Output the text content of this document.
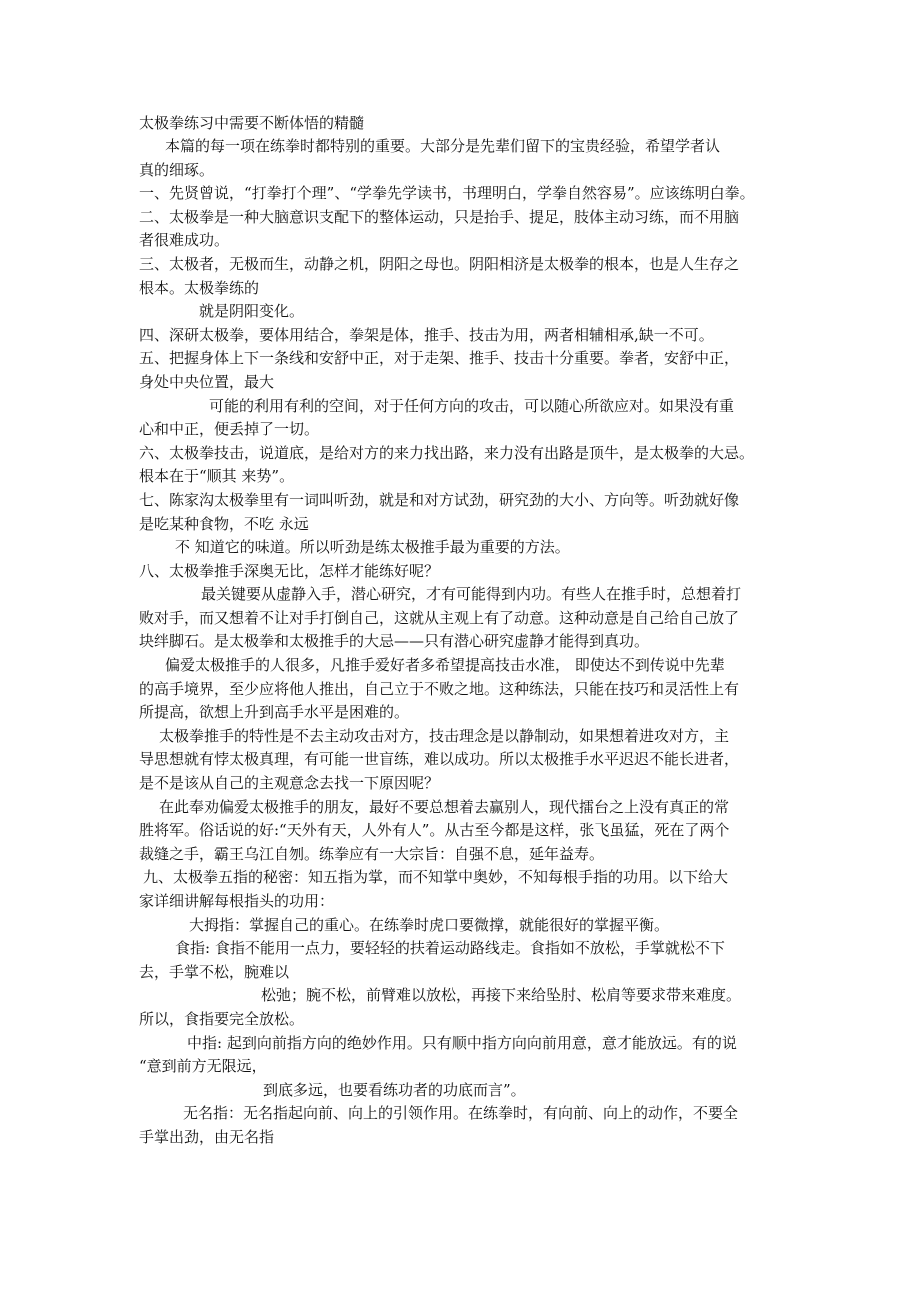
太极拳练习中需要不断体悟的精髓

本篇的每一项在练拳时都特别的重要。大部分是先辈们留下的宝贵经验，希望学者认

真的细琢。

一、先贤曾说，“打拳打个理”、“学拳先学读书，书理明白，学拳自然容易”。应该练明白拳。

二、太极拳是一种大脑意识支配下的整体运动，只是抬手、提足，肢体主动习练，而不用脑

者很难成功。

三、太极者，无极而生，动静之机，阴阳之母也。阴阳相济是太极拳的根本，也是人生存之

根本。太极拳练的

就是阴阳变化。

四、深研太极拳，要体用结合，拳架是体，推手、技击为用，两者相辅相承,缺一不可。

五、把握身体上下一条线和安舒中正，对于走架、推手、技击十分重要。拳者，安舒中正，

身处中央位置，最大

可能的利用有利的空间，对于任何方向的攻击，可以随心所欲应对。如果没有重

心和中正，便丢掉了一切。

六、太极拳技击，说道底，是给对方的来力找出路，来力没有出路是顶牛，是太极拳的大忌。

根本在于“顺其 来势”。

七、陈家沟太极拳里有一词叫听劲，就是和对方试劲，研究劲的大小、方向等。听劲就好像

是吃某种食物，不吃 永远

不 知道它的味道。所以听劲是练太极推手最为重要的方法。

八、太极拳推手深奥无比，怎样才能练好呢？

最关键要从虚静入手，潜心研究，才有可能得到内功。有些人在推手时，总想着打

败对手，而又想着不让对手打倒自己，这就从主观上有了动意。这种动意是自己给自己放了

块绊脚石。是太极拳和太极推手的大忌——只有潜心研究虚静才能得到真功。

偏爱太极推手的人很多，凡推手爱好者多希望提高技击水准， 即使达不到传说中先辈

的高手境界，至少应将他人推出，自己立于不败之地。这种练法，只能在技巧和灵活性上有

所提高，欲想上升到高手水平是困难的。

太极拳推手的特性是不去主动攻击对方，技击理念是以静制动，如果想着进攻对方，主

导思想就有悖太极真理，有可能一世盲练，难以成功。所以太极推手水平迟迟不能长进者，

是不是该从自己的主观意念去找一下原因呢？

在此奉劝偏爱太极推手的朋友，最好不要总想着去赢别人，现代擂台之上没有真正的常

胜将军。俗话说的好:“天外有天，人外有人”。从古至今都是这样，张飞虽猛，死在了两个

裁缝之手，霸王乌江自刎。练拳应有一大宗旨：自强不息，延年益寿。

九、太极拳五指的秘密：知五指为掌，而不知掌中奥妙，不知每根手指的功用。以下给大

家详细讲解每根指头的功用：

大拇指：掌握自己的重心。在练拳时虎口要微撑，就能很好的掌握平衡。

食指: 食指不能用一点力，要轻轻的扶着运动路线走。食指如不放松，手掌就松不下

去，手掌不松，腕难以

松弛；腕不松，前臂难以放松，再接下来给坠肘、松肩等要求带来难度。

所以，食指要完全放松。

中指: 起到向前指方向的绝妙作用。只有顺中指方向向前用意，意才能放远。有的说

“意到前方无限远，

到底多远，也要看练功者的功底而言”。

无名指：无名指起向前、向上的引领作用。在练拳时，有向前、向上的动作，不要全

手掌出劲，由无名指
